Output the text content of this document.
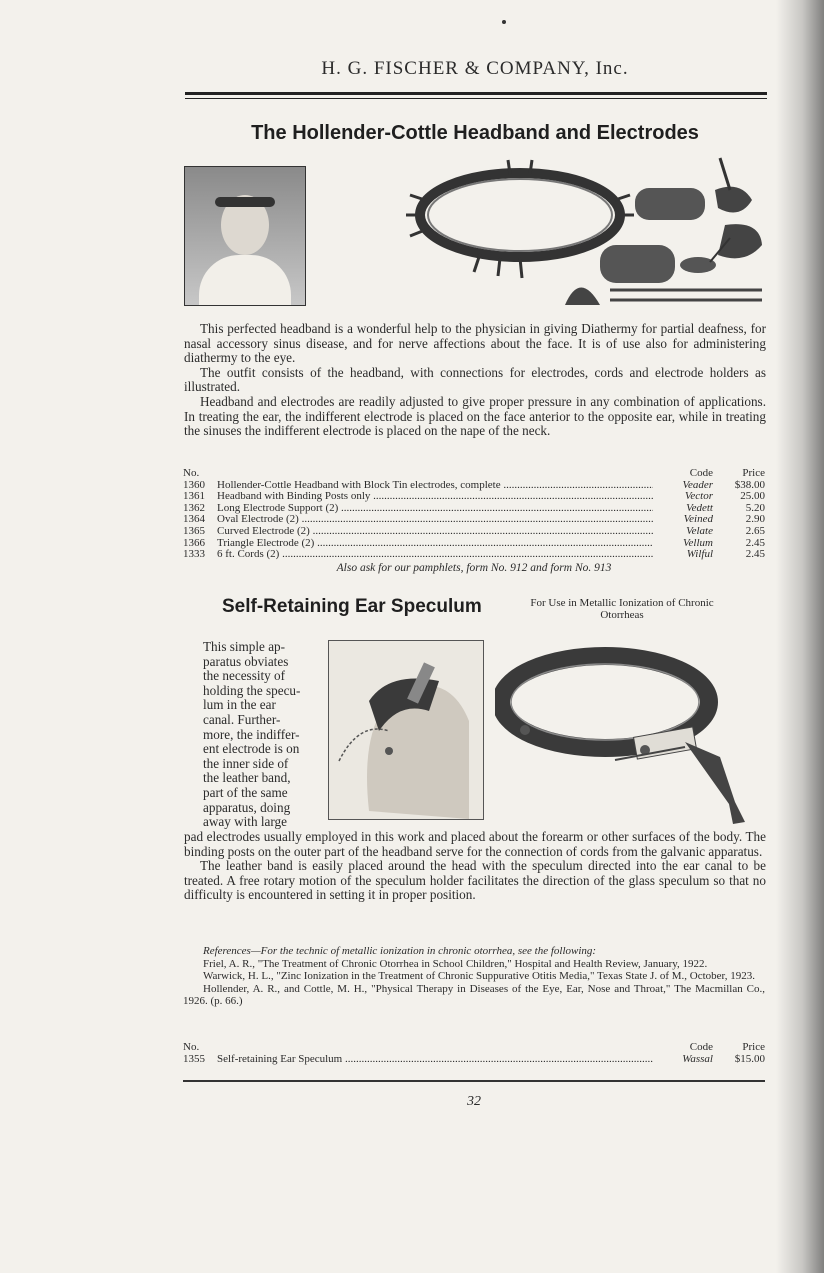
H. G. FISCHER & COMPANY, Inc.
The Hollender-Cottle Headband and Electrodes

This perfected headband is a wonderful help to the physician in giving Diathermy for partial deafness, for nasal accessory sinus disease, and for nerve affections about the face. It is of use also for administering diathermy to the eye.

The outfit consists of the headband, with connections for electrodes, cords and electrode holders as illustrated.

Headband and electrodes are readily adjusted to give proper pressure in any combination of applications. In treating the ear, the indifferent electrode is placed on the face anterior to the opposite ear, while in treating the sinuses the indifferent electrode is placed on the nape of the neck.

No.	Code	Price
1360	Hollender-Cottle Headband with Block Tin electrodes, complete .....	Veader	$38.00
1361	Headband with Binding Posts only .....	Vector	25.00
1362	Long Electrode Support (2) .....	Vedett	5.20
1364	Oval Electrode (2) .....	Veined	2.90
1365	Curved Electrode (2) .....	Velate	2.65
1366	Triangle Electrode (2) .....	Vellum	2.45
1333	6 ft. Cords (2) .....	Wilful	2.45
Also ask for our pamphlets, form No. 912 and form No. 913
Self-Retaining Ear Speculum	For Use in Metallic Ionization of Chronic Otorrheas
This simple ap-
paratus obviates
the necessity of
holding the specu-
lum in the ear
canal. Further-
more, the indiffer-
ent electrode is on
the inner side of
the leather band,
part of the same
apparatus, doing
away with large
pad electrodes usually employed in this work and placed about the forearm or other surfaces of the body. The binding posts on the outer part of the headband serve for the connection of cords from the galvanic apparatus.

The leather band is easily placed around the head with the speculum directed into the ear canal to be treated. A free rotary motion of the speculum holder facilitates the direction of the glass speculum so that no difficulty is encountered in setting it in proper position.

References—For the technic of metallic ionization in chronic otorrhea, see the following:

Friel, A. R., "The Treatment of Chronic Otorrhea in School Children," Hospital and Health Review, January, 1922.

Warwick, H. L., "Zinc Ionization in the Treatment of Chronic Suppurative Otitis Media," Texas State J. of M., October, 1923.

Hollender, A. R., and Cottle, M. H., "Physical Therapy in Diseases of the Eye, Ear, Nose and Throat," The Macmillan Co., 1926. (p. 66.)

No.	Code	Price
1355	Self-retaining Ear Speculum .....	Wassal	$15.00
32
